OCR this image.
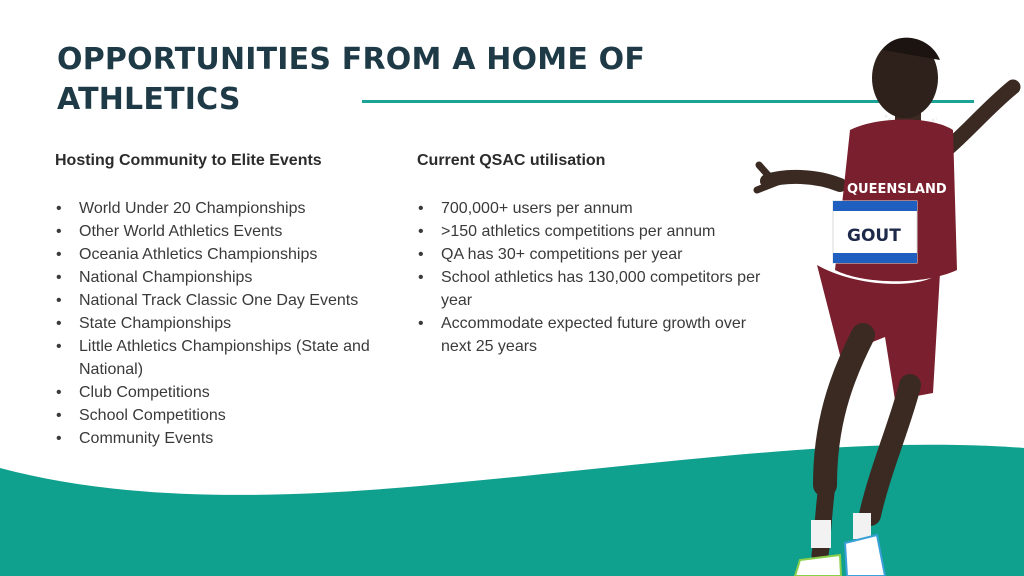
OPPORTUNITIES FROM A HOME OF
ATHLETICS
Hosting Community to Elite Events
• World Under 20 Championships
• Other World Athletics Events
• Oceania Athletics Championships
• National Championships
• National Track Classic One Day Events
• State Championships
• Little Athletics Championships (State and National)
• Club Competitions
• School Competitions
• Community Events
Current QSAC utilisation
• 700,000+ users per annum
• >150 athletics competitions per annum
• QA has 30+ competitions per year
• School athletics has 130,000 competitors per year
• Accommodate expected future growth over next 25 years
QUEENSLAND
GOUT
